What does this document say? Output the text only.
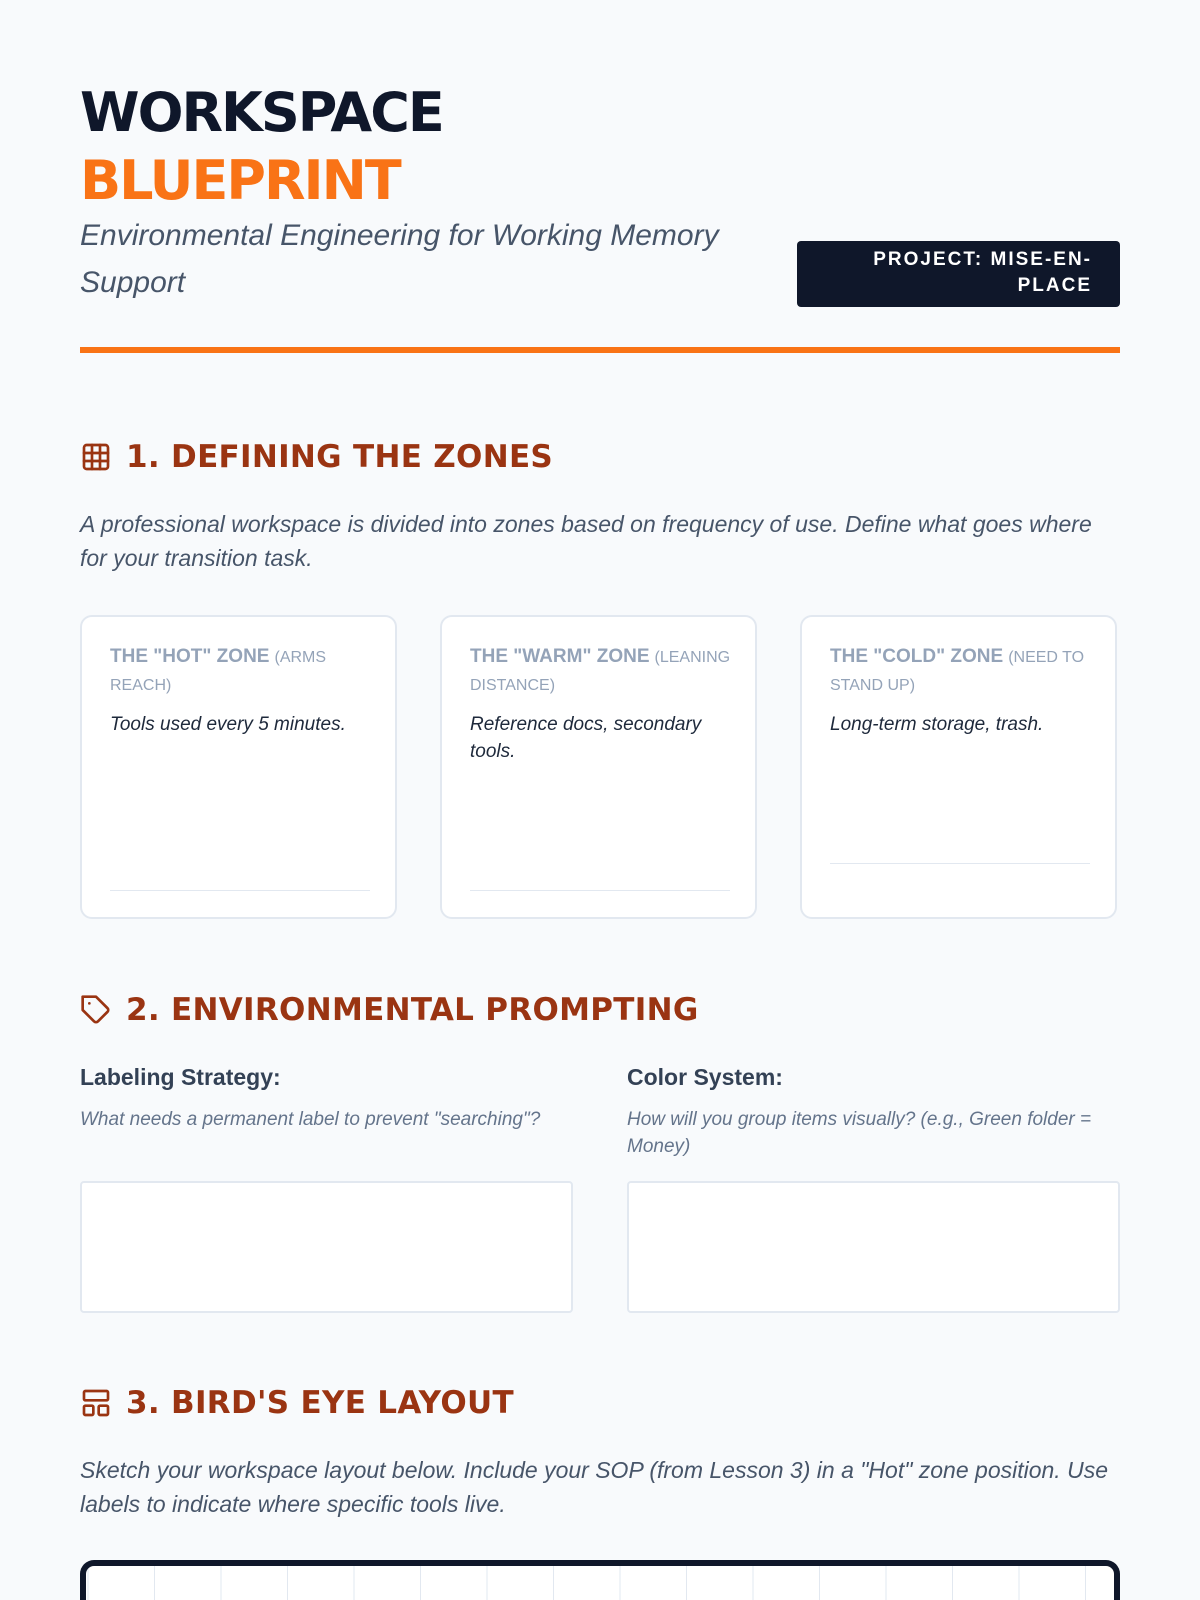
WORKSPACE
BLUEPRINT
Environmental Engineering for Working Memory Support
PROJECT: MISE-EN-PLACE
1. DEFINING THE ZONES
A professional workspace is divided into zones based on frequency of use. Define what goes where for your transition task.
THE "HOT" ZONE (ARMS REACH)
Tools used every 5 minutes.
THE "WARM" ZONE (LEANING DISTANCE)
Reference docs, secondary tools.
THE "COLD" ZONE (NEED TO STAND UP)
Long-term storage, trash.
2. ENVIRONMENTAL PROMPTING
Labeling Strategy:
What needs a permanent label to prevent "searching"?
Color System:
How will you group items visually? (e.g., Green folder = Money)
3. BIRD'S EYE LAYOUT
Sketch your workspace layout below. Include your SOP (from Lesson 3) in a "Hot" zone position. Use labels to indicate where specific tools live.
